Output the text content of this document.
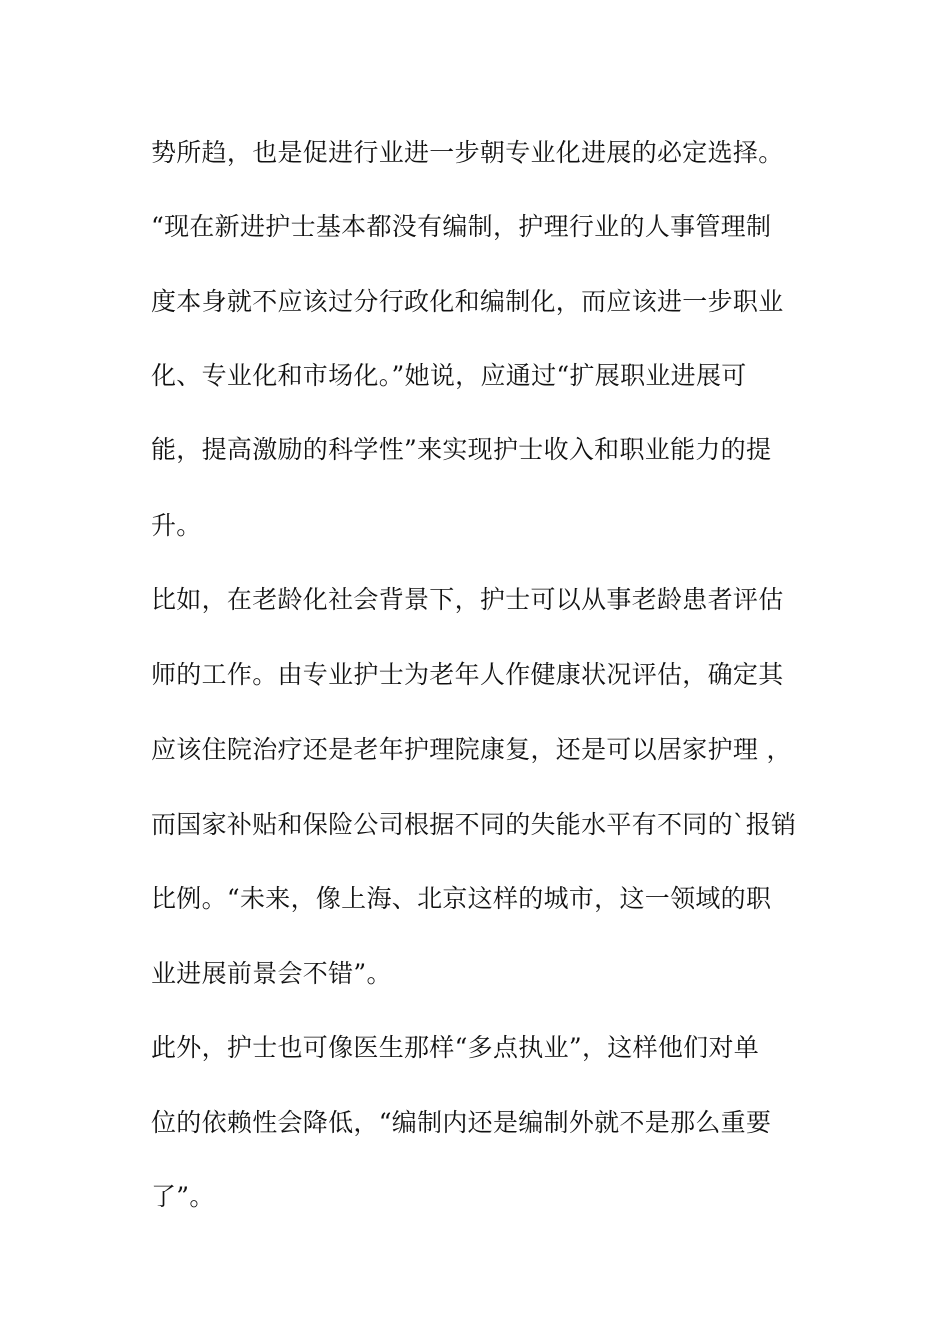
势所趋，也是促进行业进一步朝专业化进展的必定选择。
“现在新进护士基本都没有编制，护理行业的人事管理制
度本身就不应该过分行政化和编制化，而应该进一步职业
化、专业化和市场化。”她说，应通过“扩展职业进展可
能，提高激励的科学性”来实现护士收入和职业能力的提
升。
比如，在老龄化社会背景下，护士可以从事老龄患者评估
师的工作。由专业护士为老年人作健康状况评估，确定其
应该住院治疗还是老年护理院康复，还是可以居家护理 ，
而国家补贴和保险公司根据不同的失能水平有不同的`报销
比例。“未来，像上海、北京这样的城市，这一领域的职
业进展前景会不错”。
此外，护士也可像医生那样“多点执业”，这样他们对单
位的依赖性会降低，“编制内还是编制外就不是那么重要
了”。
